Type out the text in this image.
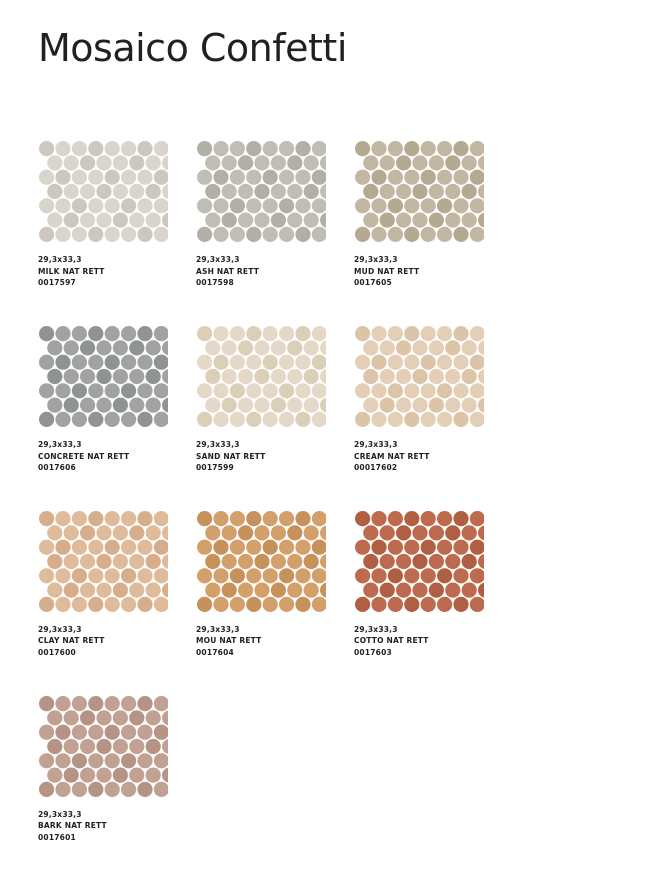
Mosaico Confetti
29,3x33,3
MILK NAT RETT
0017597
29,3x33,3
ASH NAT RETT
0017598
29,3x33,3
MUD NAT RETT
0017605
29,3x33,3
CONCRETE NAT RETT
0017606
29,3x33,3
SAND NAT RETT
0017599
29,3x33,3
CREAM NAT RETT
00017602
29,3x33,3
CLAY NAT RETT
0017600
29,3x33,3
MOU NAT RETT
0017604
29,3x33,3
COTTO NAT RETT
0017603
29,3x33,3
BARK NAT RETT
0017601
